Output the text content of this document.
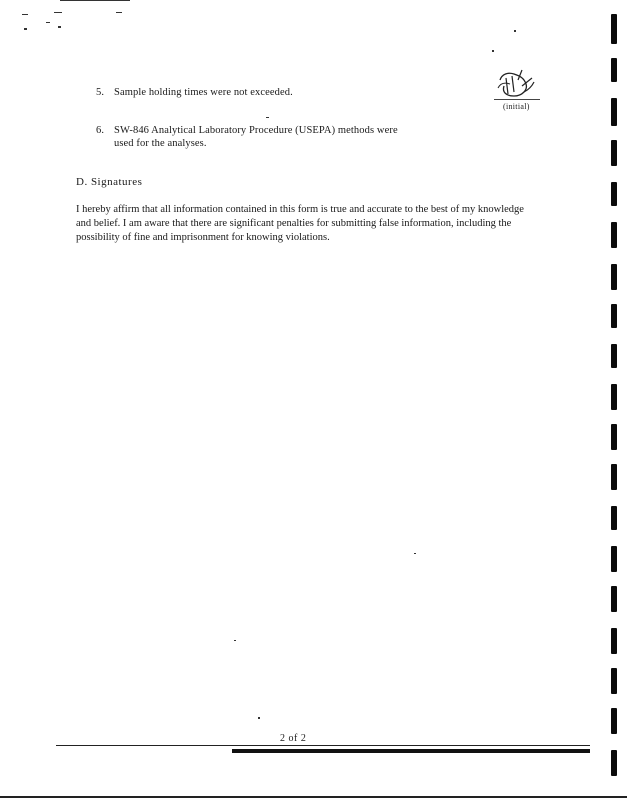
5. Sample holding times were not exceeded.
(initial)
6. SW-846 Analytical Laboratory Procedure (USEPA) methods were used for the analyses.
D. Signatures
I hereby affirm that all information contained in this form is true and accurate to the best of my knowledge and belief. I am aware that there are significant penalties for submitting false information, including the possibility of fine and imprisonment for knowing violations.
2 of 2
